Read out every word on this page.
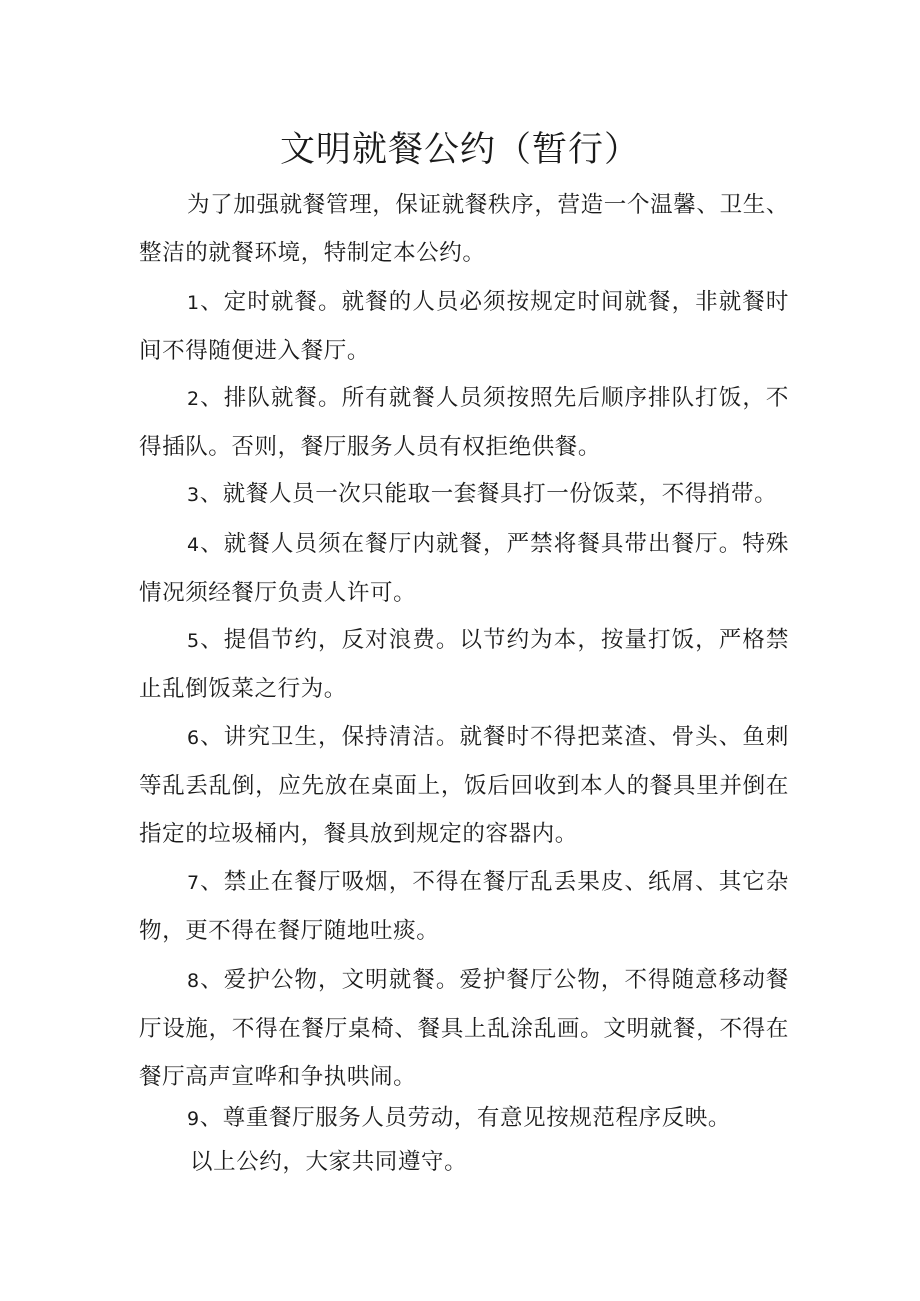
文明就餐公约（暂行）

为了加强就餐管理，保证就餐秩序，营造一个温馨、卫生、整洁的就餐环境，特制定本公约。

1、定时就餐。就餐的人员必须按规定时间就餐，非就餐时间不得随便进入餐厅。

2、排队就餐。所有就餐人员须按照先后顺序排队打饭，不得插队。否则，餐厅服务人员有权拒绝供餐。

3、就餐人员一次只能取一套餐具打一份饭菜，不得捎带。

4、就餐人员须在餐厅内就餐，严禁将餐具带出餐厅。特殊情况须经餐厅负责人许可。

5、提倡节约，反对浪费。以节约为本，按量打饭，严格禁止乱倒饭菜之行为。

6、讲究卫生，保持清洁。就餐时不得把菜渣、骨头、鱼刺等乱丢乱倒，应先放在桌面上，饭后回收到本人的餐具里并倒在指定的垃圾桶内，餐具放到规定的容器内。

7、禁止在餐厅吸烟，不得在餐厅乱丢果皮、纸屑、其它杂物，更不得在餐厅随地吐痰。

8、爱护公物，文明就餐。爱护餐厅公物，不得随意移动餐厅设施，不得在餐厅桌椅、餐具上乱涂乱画。文明就餐，不得在餐厅高声宣哗和争执哄闹。

9、尊重餐厅服务人员劳动，有意见按规范程序反映。

以上公约，大家共同遵守。
